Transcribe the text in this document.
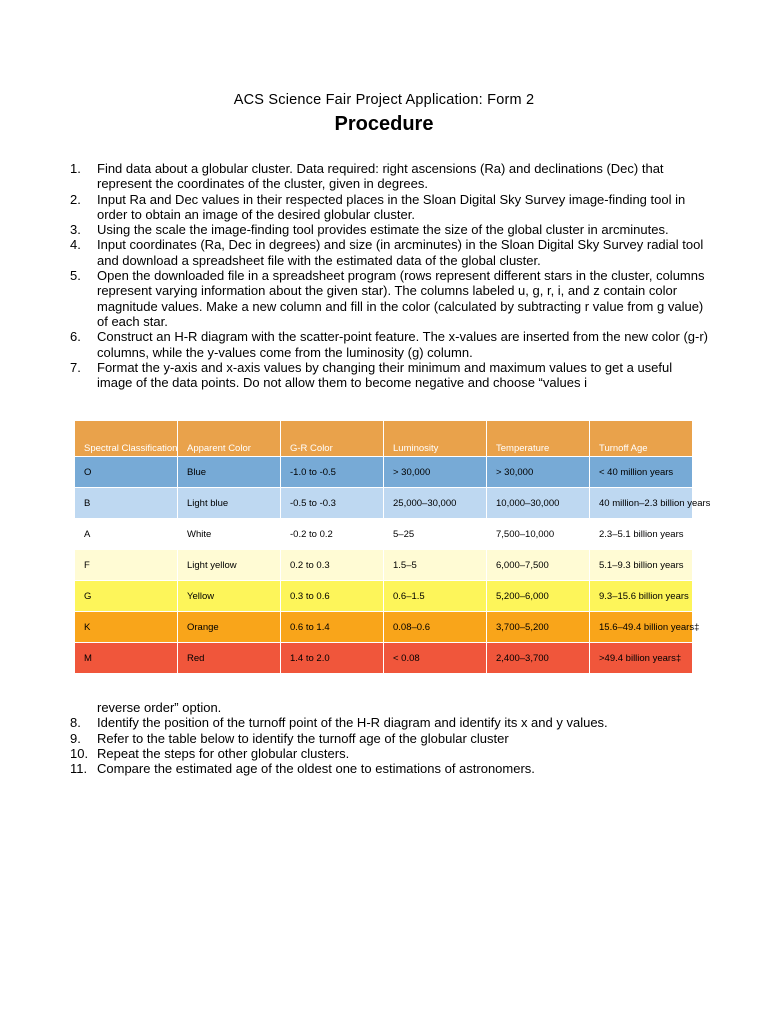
ACS Science Fair Project Application: Form 2
Procedure
1. Find data about a globular cluster. Data required: right ascensions (Ra) and declinations (Dec) that represent the coordinates of the cluster, given in degrees.
2. Input Ra and Dec values in their respected places in the Sloan Digital Sky Survey image-finding tool in order to obtain an image of the desired globular cluster.
3. Using the scale the image-finding tool provides estimate the size of the global cluster in arcminutes.
4. Input coordinates (Ra, Dec in degrees) and size (in arcminutes) in the Sloan Digital Sky Survey radial tool and download a spreadsheet file with the estimated data of the global cluster.
5. Open the downloaded file in a spreadsheet program (rows represent different stars in the cluster, columns represent varying information about the given star). The columns labeled u, g, r, i, and z contain color magnitude values. Make a new column and fill in the color (calculated by subtracting r value from g value) of each star.
6. Construct an H-R diagram with the scatter-point feature. The x-values are inserted from the new color (g-r) columns, while the y-values come from the luminosity (g) column.
7. Format the y-axis and x-axis values by changing their minimum and maximum values to get a useful image of the data points. Do not allow them to become negative and choose “values i
Spectral Classification	Apparent Color	G-R Color	Luminosity	Temperature	Turnoff Age
O	Blue	-1.0 to -0.5	> 30,000	> 30,000	< 40 million years
B	Light blue	-0.5 to -0.3	25,000–30,000	10,000–30,000	40 million–2.3 billion years
A	White	-0.2 to 0.2	5–25	7,500–10,000	2.3–5.1 billion years
F	Light yellow	0.2 to 0.3	1.5–5	6,000–7,500	5.1–9.3 billion years
G	Yellow	0.3 to 0.6	0.6–1.5	5,200–6,000	9.3–15.6 billion years
K	Orange	0.6 to 1.4	0.08–0.6	3,700–5,200	15.6–49.4 billion years‡
M	Red	1.4 to 2.0	< 0.08	2,400–3,700	>49.4 billion years‡
reverse order” option.
8. Identify the position of the turnoff point of the H-R diagram and identify its x and y values.
9. Refer to the table below to identify the turnoff age of the globular cluster
10. Repeat the steps for other globular clusters.
11. Compare the estimated age of the oldest one to estimations of astronomers.
